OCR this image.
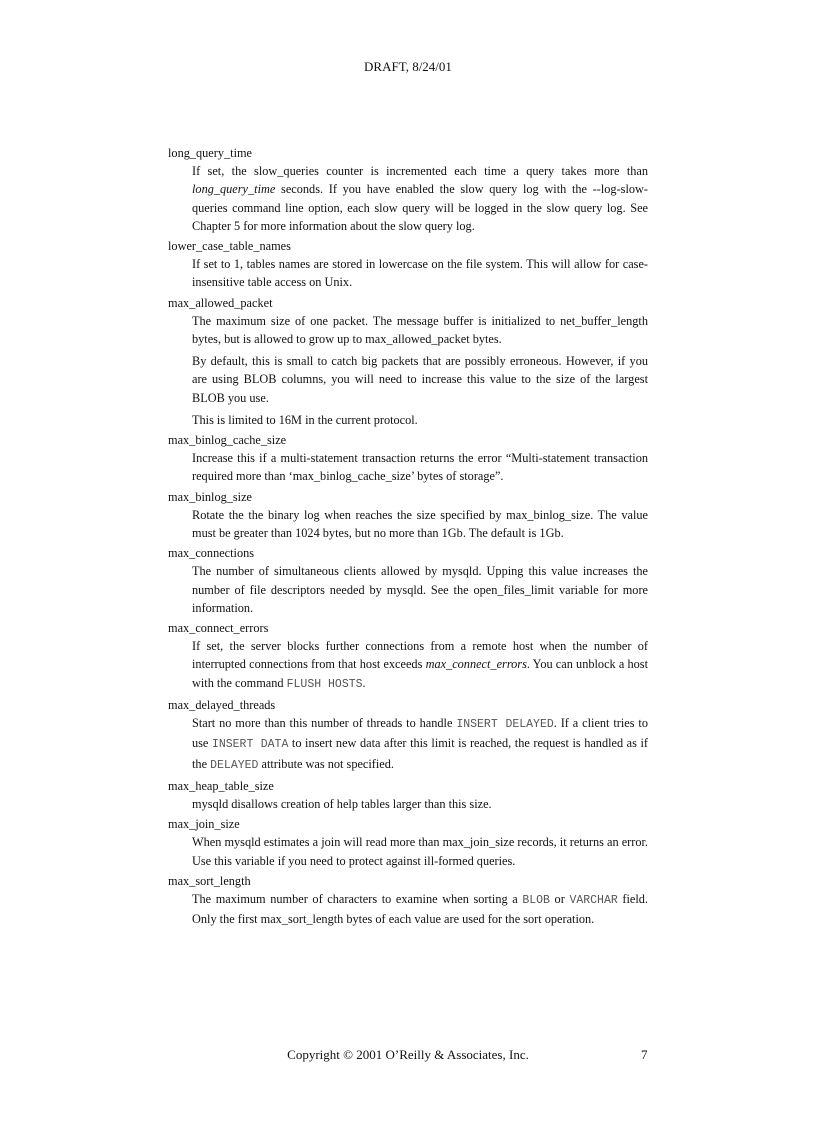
DRAFT, 8/24/01
long_query_time

If set, the slow_queries counter is incremented each time a query takes more than long_query_time seconds. If you have enabled the slow query log with the --log-slow-queries command line option, each slow query will be logged in the slow query log. See Chapter 5 for more information about the slow query log.

lower_case_table_names

If set to 1, tables names are stored in lowercase on the file system. This will allow for case-insensitive table access on Unix.

max_allowed_packet

The maximum size of one packet. The message buffer is initialized to net_buffer_length bytes, but is allowed to grow up to max_allowed_packet bytes.

By default, this is small to catch big packets that are possibly erroneous. However, if you are using BLOB columns, you will need to increase this value to the size of the largest BLOB you use.

This is limited to 16M in the current protocol.

max_binlog_cache_size

Increase this if a multi-statement transaction returns the error “Multi-statement transaction required more than ‘max_binlog_cache_size’ bytes of storage”.

max_binlog_size

Rotate the the binary log when reaches the size specified by max_binlog_size. The value must be greater than 1024 bytes, but no more than 1Gb. The default is 1Gb.

max_connections

The number of simultaneous clients allowed by mysqld. Upping this value increases the number of file descriptors needed by mysqld. See the open_files_limit variable for more information.

max_connect_errors

If set, the server blocks further connections from a remote host when the number of interrupted connections from that host exceeds max_connect_errors. You can unblock a host with the command FLUSH HOSTS.

max_delayed_threads

Start no more than this number of threads to handle INSERT DELAYED. If a client tries to use INSERT DATA to insert new data after this limit is reached, the request is handled as if the DELAYED attribute was not specified.

max_heap_table_size

mysqld disallows creation of help tables larger than this size.

max_join_size

When mysqld estimates a join will read more than max_join_size records, it returns an error. Use this variable if you need to protect against ill-formed queries.

max_sort_length

The maximum number of characters to examine when sorting a BLOB or VARCHAR field. Only the first max_sort_length bytes of each value are used for the sort operation.

Copyright © 2001 O’Reilly & Associates, Inc.	7
